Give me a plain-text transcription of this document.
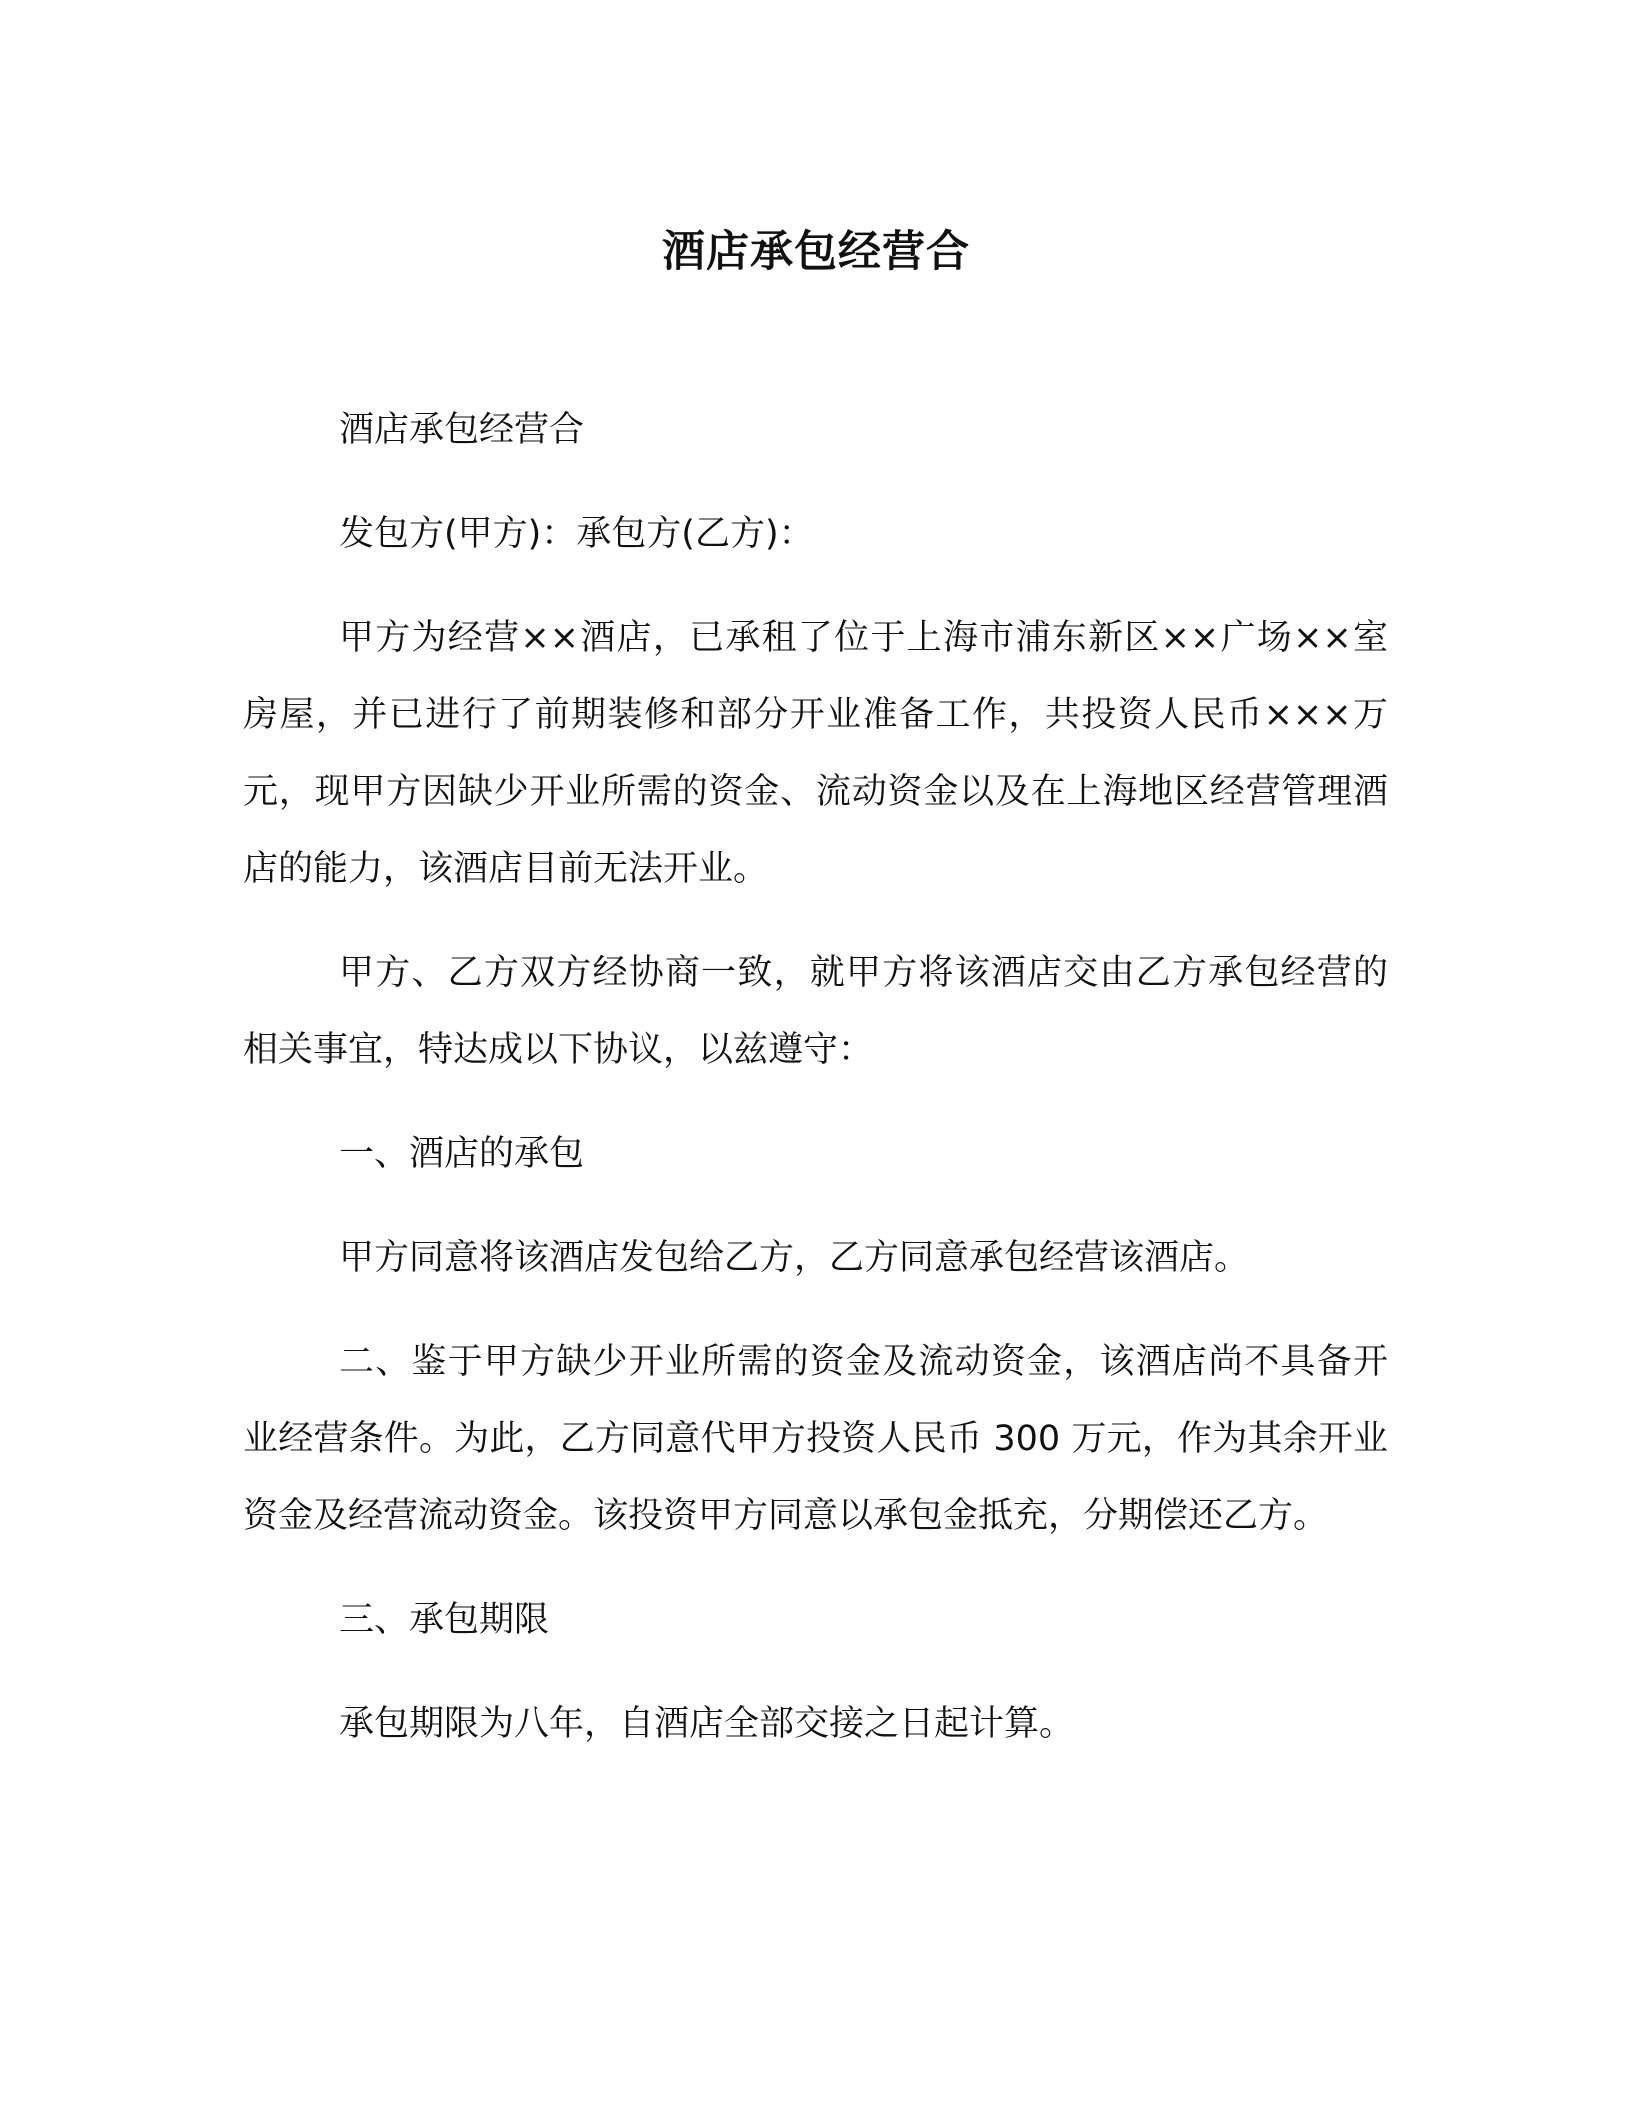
酒店承包经营合

酒店承包经营合

发包方(甲方)：承包方(乙方)：

甲方为经营××酒店，已承租了位于上海市浦东新区××广场××室房屋，并已进行了前期装修和部分开业准备工作，共投资人民币×××万元，现甲方因缺少开业所需的资金、流动资金以及在上海地区经营管理酒店的能力，该酒店目前无法开业。

甲方、乙方双方经协商一致，就甲方将该酒店交由乙方承包经营的相关事宜，特达成以下协议，以兹遵守：

一、酒店的承包

甲方同意将该酒店发包给乙方，乙方同意承包经营该酒店。

二、鉴于甲方缺少开业所需的资金及流动资金，该酒店尚不具备开业经营条件。为此，乙方同意代甲方投资人民币 300 万元，作为其余开业资金及经营流动资金。该投资甲方同意以承包金抵充，分期偿还乙方。

三、承包期限

承包期限为八年，自酒店全部交接之日起计算。
